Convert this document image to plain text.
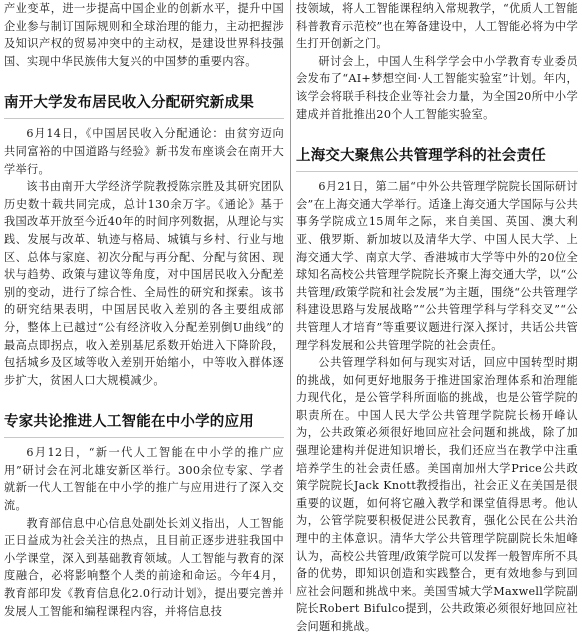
产业变革，进一步提高中国企业的创新水平，提升中国企业参与制订国际规则和全球治理的能力，主动把握涉及知识产权的贸易冲突中的主动权，是建设世界科技强国、实现中华民族伟大复兴的中国梦的重要内容。

南开大学发布居民收入分配研究新成果

6月14日，《中国居民收入分配通论：由贫穷迈向共同富裕的中国道路与经验》新书发布座谈会在南开大学举行。

该书由南开大学经济学院教授陈宗胜及其研究团队历史数十载共同完成，总计130余万字。《通论》基于我国改革开放至今近40年的时间序列数据，从理论与实践、发展与改革、轨迹与格局、城镇与乡村、行业与地区、总体与家庭、初次分配与再分配、分配与贫困、现状与趋势、政策与建议等角度，对中国居民收入分配差别的变动，进行了综合性、全局性的研究和探索。该书的研究结果表明，中国居民收入差别的各主要组成部分，整体上已越过“公有经济收入分配差别倒U曲线”的最高点即拐点，收入差别基尼系数开始进入下降阶段，包括城乡及区域等收入差别开始缩小，中等收入群体逐步扩大，贫困人口大规模减少。

专家共论推进人工智能在中小学的应用

6月12日，“新一代人工智能在中小学的推广应用”研讨会在河北雄安新区举行。300余位专家、学者就新一代人工智能在中小学的推广与应用进行了深入交流。

教育部信息中心信息处副处长刘义指出，人工智能正日益成为社会关注的热点，且目前正逐步进驻我国中小学课堂，深入到基础教育领域。人工智能与教育的深度融合，必将影响整个人类的前途和命运。今年4月，教育部印发《教育信息化2.0行动计划》，提出要完善并发展人工智能和编程课程内容，并将信息技

技领域，将人工智能课程纳入常规教学，“优质人工智能科普教育示范校”也在筹备建设中，人工智能必将为中学生打开创新之门。

研讨会上，中国人生科学学会中小学教育专业委员会发布了“AI+梦想空间·人工智能实验室”计划。年内，该学会将联手科技企业等社会力量，为全国20所中小学建成并首批推出20个人工智能实验室。

上海交大聚焦公共管理学科的社会责任

6月21日，第二届“中外公共管理学院院长国际研讨会”在上海交通大学举行。适逢上海交通大学国际与公共事务学院成立15周年之际，来自美国、英国、澳大利亚、俄罗斯、新加坡以及清华大学、中国人民大学、上海交通大学、南京大学、香港城市大学等中外的20位全球知名高校公共管理学院院长齐聚上海交通大学，以“公共管理/政策学院和社会发展”为主题，围绕“公共管理学科建设思路与发展战略”“公共管理学科与学科交叉”“公共管理人才培育”等重要议题进行深入探讨，共话公共管理学科发展和公共管理学院的社会责任。

公共管理学科如何与现实对话，回应中国转型时期的挑战，如何更好地服务于推进国家治理体系和治理能力现代化，是公管学科所面临的挑战，也是公管学院的职责所在。中国人民大学公共管理学院院长杨开峰认为，公共政策必须很好地回应社会问题和挑战，除了加强理论建构并促进知识增长，我们还应当在教学中注重培养学生的社会责任感。美国南加州大学Price公共政策学院院长Jack Knott教授指出，社会正义在美国是很重要的议题，如何将它融入教学和课堂值得思考。他认为，公管学院要积极促进公民教育，强化公民在公共治理中的主体意识。清华大学公共管理学院副院长朱旭峰认为，高校公共管理/政策学院可以发挥一般智库所不具备的优势，即知识创造和实践整合，更有效地参与到回应社会问题和挑战中来。美国雪城大学Maxwell学院副院长Robert Bifulco提到，公共政策必须很好地回应社会问题和挑战。
